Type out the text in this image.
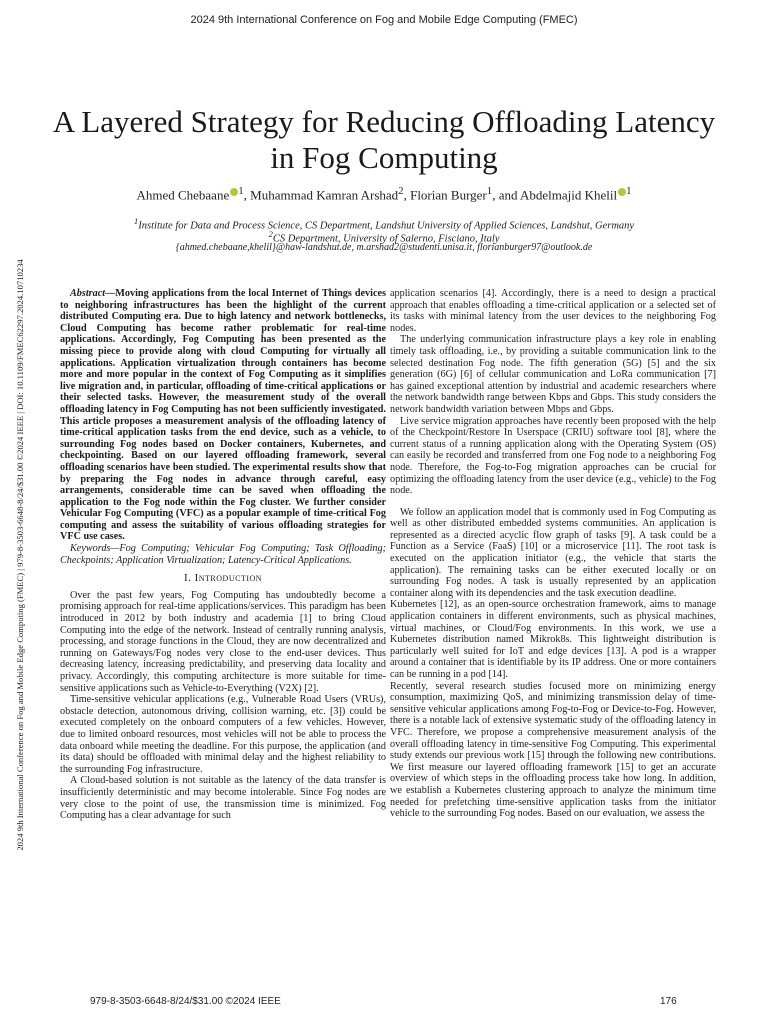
2024 9th International Conference on Fog and Mobile Edge Computing (FMEC)
2024 9th International Conference on Fog and Mobile Edge Computing (FMEC) | 979-8-3503-6648-8/24/$31.00 ©2024 IEEE | DOI: 10.1109/FMEC62297.2024.10710234
A Layered Strategy for Reducing Offloading Latency in Fog Computing
Ahmed Chebaane $^1$, Muhammad Kamran Arshad$^2$, Florian Burger$^1$, and Abdelmajid Khelil $^1$
$^1$Institute for Data and Process Science, CS Department, Landshut University of Applied Sciences, Landshut, Germany
$^2$CS Department, University of Salerno, Fisciano, Italy
{ahmed.chebaane,khelil}@haw-landshut.de, m.arshad2@studenti.unisa.it, florianburger97@outlook.de

Abstract—Moving applications from the local Internet of Things devices to neighboring infrastructures has been the highlight of the current distributed Computing era. Due to high latency and network bottlenecks, Cloud Computing has become rather problematic for real-time applications. Accordingly, Fog Computing has been presented as the missing piece to provide along with cloud Computing for virtually all applications. Application virtualization through containers has become more and more popular in the context of Fog Computing as it simplifies live migration and, in particular, offloading of time-critical applications or their selected tasks. However, the measurement study of the overall offloading latency in Fog Computing has not been sufficiently investigated. This article proposes a measurement analysis of the offloading latency of time-critical application tasks from the end device, such as a vehicle, to surrounding Fog nodes based on Docker containers, Kubernetes, and checkpointing. Based on our layered offloading framework, several offloading scenarios have been studied. The experimental results show that by preparing the Fog nodes in advance through careful, easy arrangements, considerable time can be saved when offloading the application to the Fog node within the Fog cluster. We further consider Vehicular Fog Computing (VFC) as a popular example of time-critical Fog computing and assess the suitability of various offloading strategies for VFC use cases.

Keywords—Fog Computing; Vehicular Fog Computing; Task Offloading; Checkpoints; Application Virtualization; Latency-Critical Applications.

I. Introduction

Over the past few years, Fog Computing has undoubtedly become a promising approach for real-time applications/services. This paradigm has been introduced in 2012 by both industry and academia [1] to bring Cloud Computing into the edge of the network. Instead of centrally running analysis, processing, and storage functions in the Cloud, they are now decentralized and running on Gateways/Fog nodes very close to the end-user devices. Thus decreasing latency, increasing predictability, and preserving data locality and privacy. Accordingly, this computing architecture is more suitable for time-sensitive applications such as Vehicle-to-Everything (V2X) [2].

Time-sensitive vehicular applications (e.g., Vulnerable Road Users (VRUs), obstacle detection, autonomous driving, collision warning, etc. [3]) could be executed completely on the onboard computers of a few vehicles. However, due to limited onboard resources, most vehicles will not be able to process the data onboard while meeting the deadline. For this purpose, the application (and its data) should be offloaded with minimal delay and the highest reliability to the surrounding Fog infrastructure.

A Cloud-based solution is not suitable as the latency of the data transfer is insufficiently deterministic and may become intolerable. Since Fog nodes are very close to the point of use, the transmission time is minimized. Fog Computing has a clear advantage for such

application scenarios [4]. Accordingly, there is a need to design a practical approach that enables offloading a time-critical application or a selected set of its tasks with minimal latency from the user devices to the neighboring Fog nodes.

The underlying communication infrastructure plays a key role in enabling timely task offloading, i.e., by providing a suitable communication link to the selected destination Fog node. The fifth generation (5G) [5] and the six generation (6G) [6] of cellular communication and LoRa communication [7] has gained exceptional attention by industrial and academic researchers where the network bandwidth range between Kbps and Gbps. This study considers the network bandwidth variation between Mbps and Gbps.

Live service migration approaches have recently been proposed with the help of the Checkpoint/Restore In Userspace (CRIU) software tool [8], where the current status of a running application along with the Operating System (OS) can easily be recorded and transferred from one Fog node to a neighboring Fog node. Therefore, the Fog-to-Fog migration approaches can be crucial for optimizing the offloading latency from the user device (e.g., vehicle) to the Fog node.

We follow an application model that is commonly used in Fog Computing as well as other distributed embedded systems communities. An application is represented as a directed acyclic flow graph of tasks [9]. A task could be a Function as a Service (FaaS) [10] or a microservice [11]. The root task is executed on the application initiator (e.g., the vehicle that starts the application). The remaining tasks can be either executed locally or on surrounding Fog nodes. A task is usually represented by an application container along with its dependencies and the task execution deadline.

Kubernetes [12], as an open-source orchestration framework, aims to manage application containers in different environments, such as physical machines, virtual machines, or Cloud/Fog environments. In this work, we use a Kubernetes distribution named Mikrok8s. This lightweight distribution is particularly well suited for IoT and edge devices [13]. A pod is a wrapper around a container that is identifiable by its IP address. One or more containers can be running in a pod [14].

Recently, several research studies focused more on minimizing energy consumption, maximizing QoS, and minimizing transmission delay of time-sensitive vehicular applications among Fog-to-Fog or Device-to-Fog. However, there is a notable lack of extensive systematic study of the offloading latency in VFC. Therefore, we propose a comprehensive measurement analysis of the overall offloading latency in time-sensitive Fog Computing. This experimental study extends our previous work [15] through the following new contributions. We first measure our layered offloading framework [15] to get an accurate overview of which steps in the offloading process take how long. In addition, we establish a Kubernetes clustering approach to analyze the minimum time needed for prefetching time-sensitive application tasks from the initiator vehicle to the surrounding Fog nodes. Based on our evaluation, we assess the

979-8-3503-6648-8/24/$31.00 ©2024 IEEE	176
